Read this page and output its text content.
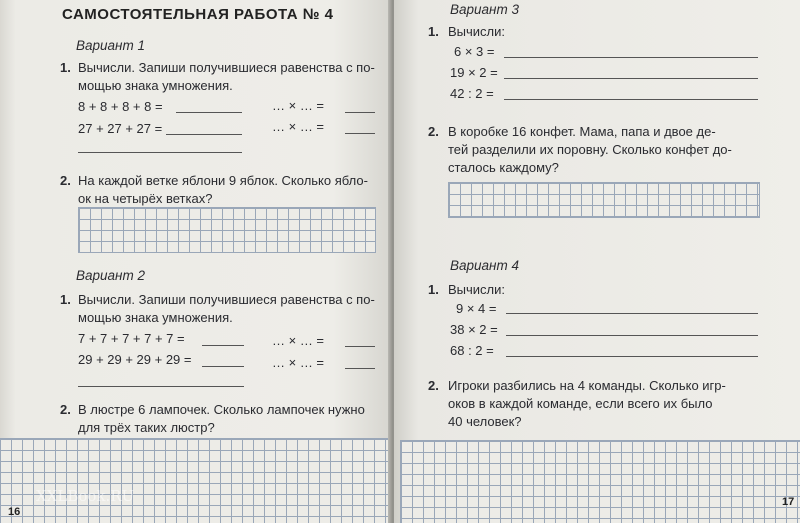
САМОСТОЯТЕЛЬНАЯ РАБОТА № 4
Вариант 1
1. Вычисли. Запиши получившиеся равенства с по-
мощью знака умножения.
8 + 8 + 8 + 8 =	… × … =
27 + 27 + 27 =	… × … =
2. На каждой ветке яблони 9 яблок. Сколько ябло-
ок на четырёх ветках?
Вариант 2
1. Вычисли. Запиши получившиеся равенства с по-
мощью знака умножения.
7 + 7 + 7 + 7 + 7 =	… × … =
29 + 29 + 29 + 29 =	… × … =
2. В люстре 6 лампочек. Сколько лампочек нужно
для трёх таких люстр?
16
XXLBook.RU
Вариант 3
1. Вычисли:
6 × 3 =
19 × 2 =
42 : 2 =
2. В коробке 16 конфет. Мама, папа и двое де-
тей разделили их поровну. Сколько конфет до-
сталось каждому?
Вариант 4
1. Вычисли:
9 × 4 =
38 × 2 =
68 : 2 =
2. Игроки разбились на 4 команды. Сколько игр-
оков в каждой команде, если всего их было
40 человек?
17
